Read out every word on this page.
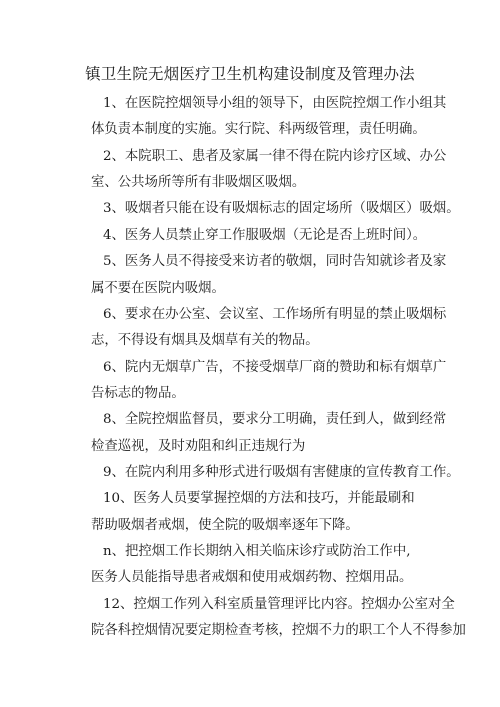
镇卫生院无烟医疗卫生机构建设制度及管理办法
1、在医院控烟领导小组的领导下，由医院控烟工作小组其
体负责本制度的实施。实行院、科两级管理，责任明确。
2、本院职工、患者及家属一律不得在院内诊疗区域、办公
室、公共场所等所有非吸烟区吸烟。
3、吸烟者只能在设有吸烟标志的固定场所（吸烟区）吸烟。
4、医务人员禁止穿工作服吸烟（无论是否上班时间）。
5、医务人员不得接受来访者的敬烟，同时告知就诊者及家
属不要在医院内吸烟。
6、要求在办公室、会议室、工作场所有明显的禁止吸烟标
志，不得设有烟具及烟草有关的物品。
6、院内无烟草广告，不接受烟草厂商的赞助和标有烟草广
告标志的物品。
8、全院控烟监督员，要求分工明确，责任到人，做到经常
检查巡视，及时劝阻和纠正违规行为
9、在院内利用多种形式进行吸烟有害健康的宣传教育工作。
10、医务人员要掌握控烟的方法和技巧，并能最刷和
帮助吸烟者戒烟，使全院的吸烟率逐年下降。
n、把控烟工作长期纳入相关临床诊疗或防治工作中,
医务人员能指导患者戒烟和使用戒烟药物、控烟用品。
12、控烟工作列入科室质量管理评比内容。控烟办公室对全
院各科控烟情况要定期检查考核，控烟不力的职工个人不得参加
